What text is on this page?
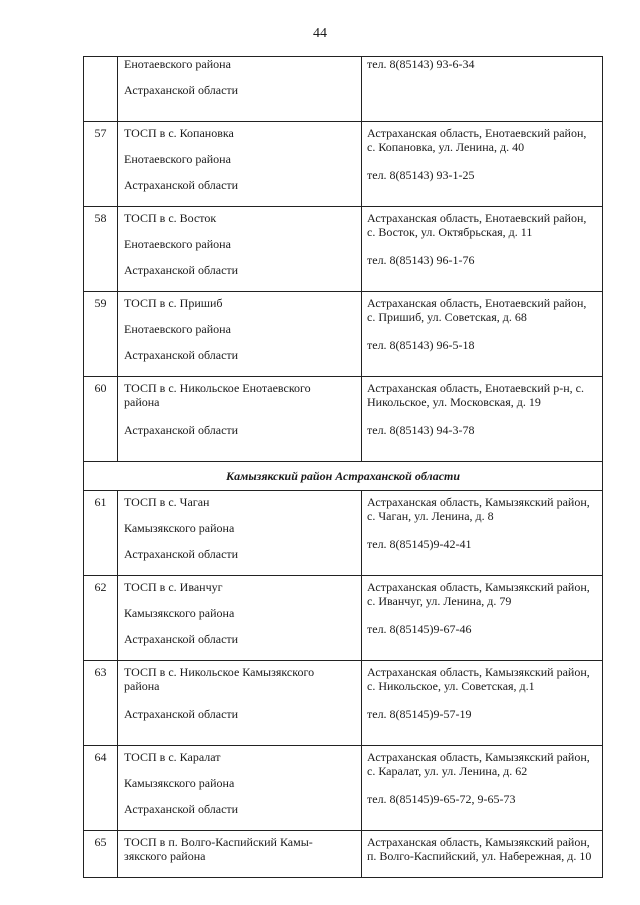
44

	Енотаевского района
Астраханской области	тел. 8(85143) 93-6-34

57	ТОСП в с. Копановка
Енотаевского района
Астраханской области	Астраханская область, Енотаевский район,
с. Копановка, ул. Ленина, д. 40
тел. 8(85143) 93-1-25

58	ТОСП в с. Восток
Енотаевского района
Астраханской области	Астраханская область, Енотаевский район,
с. Восток, ул. Октябрьская, д. 11
тел. 8(85143) 96-1-76

59	ТОСП в с. Пришиб
Енотаевского района
Астраханской области	Астраханская область, Енотаевский район,
с. Пришиб, ул. Советская, д. 68
тел. 8(85143) 96-5-18

60	ТОСП в с. Никольское Енотаевского
района
Астраханской области	Астраханская область, Енотаевский р-н, с.
Никольское, ул. Московская, д. 19
тел. 8(85143) 94-3-78

Камызякский район Астраханской области		
61	ТОСП в с. Чаган
Камызякского района
Астраханской области	Астраханская область, Камызякский район,
с. Чаган, ул. Ленина, д. 8
тел. 8(85145)9-42-41

62	ТОСП в с. Иванчуг
Камызякского района
Астраханской области	Астраханская область, Камызякский район,
с. Иванчуг, ул. Ленина, д. 79
тел. 8(85145)9-67-46

63	ТОСП в с. Никольское Камызякского
района
Астраханской области	Астраханская область, Камызякский район,
с. Никольское, ул. Советская, д.1
тел. 8(85145)9-57-19

64	ТОСП в с. Каралат
Камызякского района
Астраханской области	Астраханская область, Камызякский район,
с. Каралат, ул. ул. Ленина, д. 62
тел. 8(85145)9-65-72, 9-65-73

65	ТОСП в п. Волго-Каспийский Камы-
зякского района	Астраханская область, Камызякский район,
п. Волго-Каспийский, ул. Набережная, д. 10
